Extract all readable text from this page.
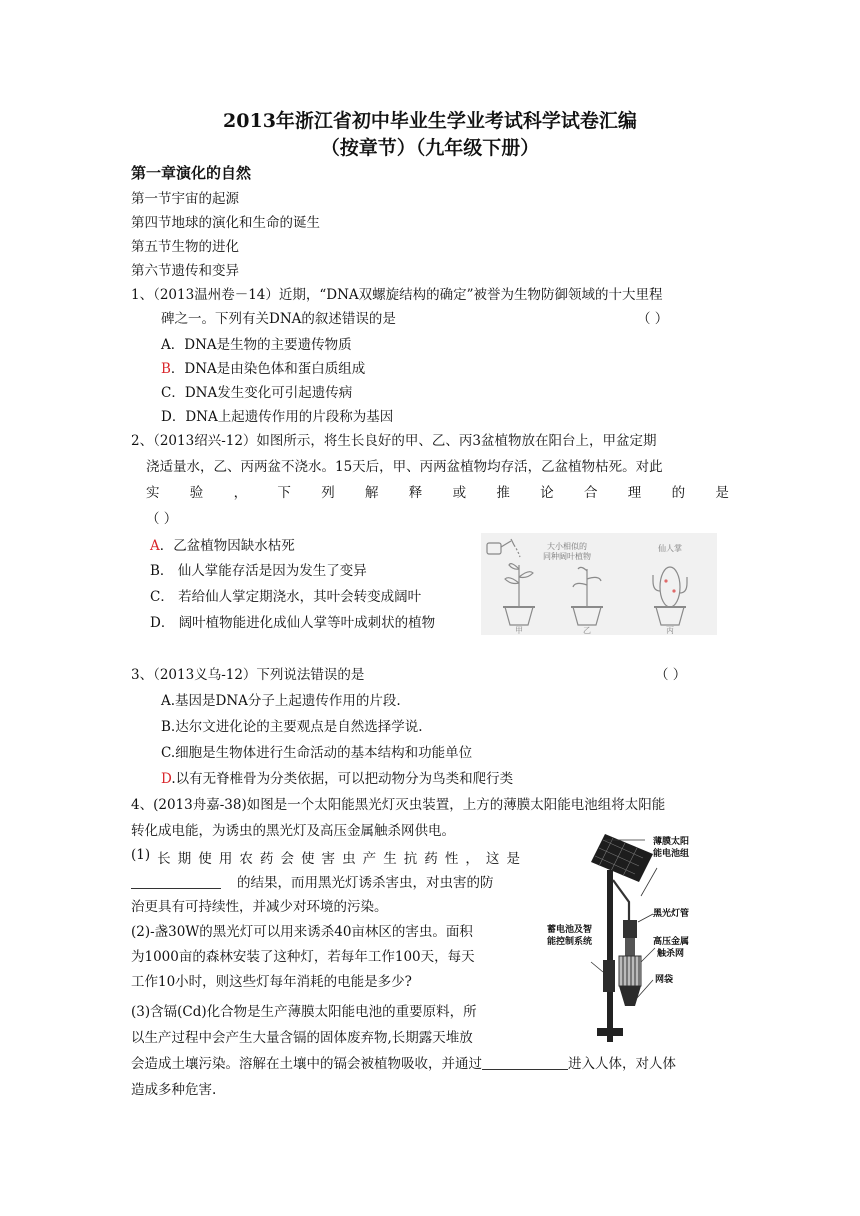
2013年浙江省初中毕业生学业考试科学试卷汇编
（按章节）（九年级下册）
第一章演化的自然
第一节宇宙的起源
第四节地球的演化和生命的诞生
第五节生物的进化
第六节遗传和变异
1、（2013温州卷－14）近期，“DNA双螺旋结构的确定”被誉为生物防御领域的十大里程
碑之一。下列有关DNA的叙述错误的是	（ ）
A．DNA是生物的主要遗传物质
B．DNA是由染色体和蛋白质组成
C．DNA发生变化可引起遗传病
D．DNA上起遗传作用的片段称为基因
2、（2013绍兴-12）如图所示，将生长良好的甲、乙、丙3盆植物放在阳台上，甲盆定期
浇适量水，乙、丙两盆不浇水。15天后，甲、丙两盆植物均存活，乙盆植物枯死。对此
实 验 ， 下 列 解 释 或 推 论 合 理 的 是
（ ）
A．乙盆植物因缺水枯死
B． 仙人掌能存活是因为发生了变异
C． 若给仙人掌定期浇水，其叶会转变成阔叶
D． 阔叶植物能进化成仙人掌等叶成刺状的植物
大小相似的
同种阔叶植物
仙人掌
甲	乙	丙
3、（2013义乌-12）下列说法错误的是	（ ）
A.基因是DNA分子上起遗传作用的片段.
B.达尔文进化论的主要观点是自然选择学说.
C.细胞是生物体进行生命活动的基本结构和功能单位
D.以有无脊椎骨为分类依据，可以把动物分为鸟类和爬行类
4、(2013舟嘉-38)如图是一个太阳能黑光灯灭虫装置，上方的薄膜太阳能电池组将太阳能
转化成电能，为诱虫的黑光灯及高压金属触杀网供电。
(1) 长 期 使 用 农 药 会 使 害 虫 产 生 抗 药 性 ， 这 是
的结果，而用黑光灯诱杀害虫，对虫害的防
治更具有可持续性，并减少对环境的污染。
(2)-盏30W的黑光灯可以用来诱杀40亩林区的害虫。面积
为1000亩的森林安装了这种灯，若每年工作100天，每天
工作10小时，则这些灯每年消耗的电能是多少?
(3)含镉(Cd)化合物是生产薄膜太阳能电池的重要原料，所
以生产过程中会产生大量含镉的固体废弃物,长期露天堆放
会造成土壤污染。溶解在土壤中的镉会被植物吸收，并通过	进入人体，对人体
造成多种危害.
薄膜太阳
能电池组
黑光灯管
蓄电池及智
能控制系统	高压金属
触杀网
网袋
